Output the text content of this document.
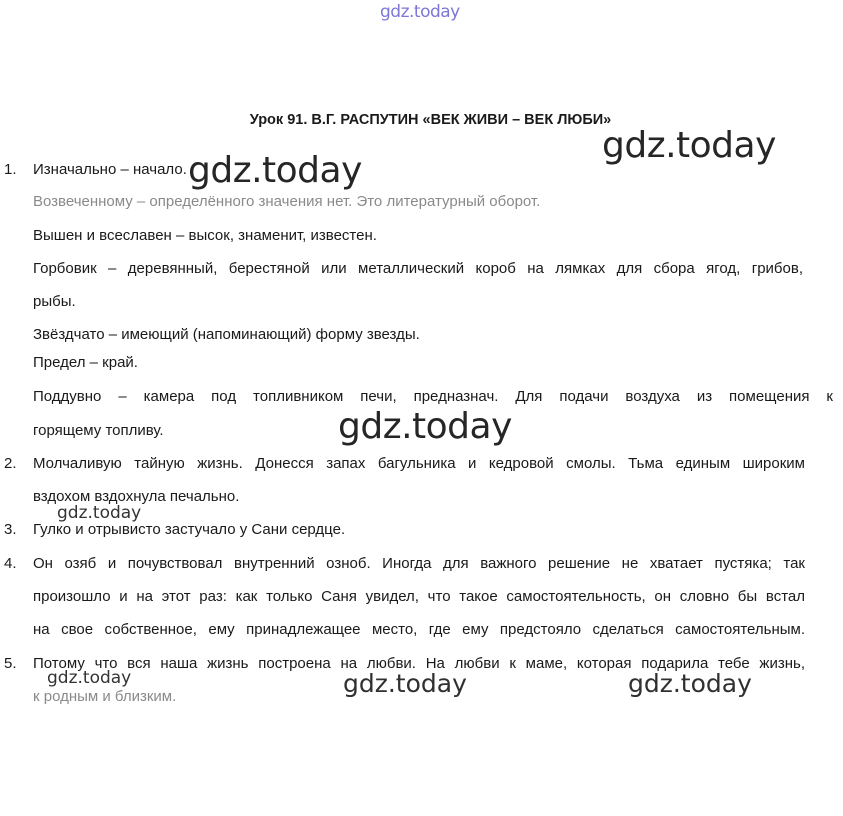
gdz.today
Урок 91. В.Г. РАСПУТИН «ВЕК ЖИВИ – ВЕК ЛЮБИ»
1. Изначально – начало.
Возвеченному – определённого значения нет. Это литературный оборот.
Вышен и всеславен – высок, знаменит, известен.
Горбовик – деревянный, берестяной или металлический короб на лямках для сбора ягод, грибов,
рыбы.
Звёздчато – имеющий (напоминающий) форму звезды.
Предел – край.
Поддувно – камера под топливником печи, предназнач. Для подачи воздуха из помещения к
горящему топливу.
2. Молчаливую тайную жизнь. Донесся запах багульника и кедровой смолы. Тьма единым широким
вздохом вздохнула печально.
3. Гулко и отрывисто застучало у Сани сердце.
4. Он озяб и почувствовал внутренний озноб. Иногда для важного решение не хватает пустяка; так
произошло и на этот раз: как только Саня увидел, что такое самостоятельность, он словно бы встал
на свое собственное, ему принадлежащее место, где ему предстояло сделаться самостоятельным.
5. Потому что вся наша жизнь построена на любви. На любви к маме, которая подарила тебе жизнь,
к родным и близким.
gdz.today
gdz.today
gdz.today
gdz.today
gdz.today	gdz.today
gdz.today
